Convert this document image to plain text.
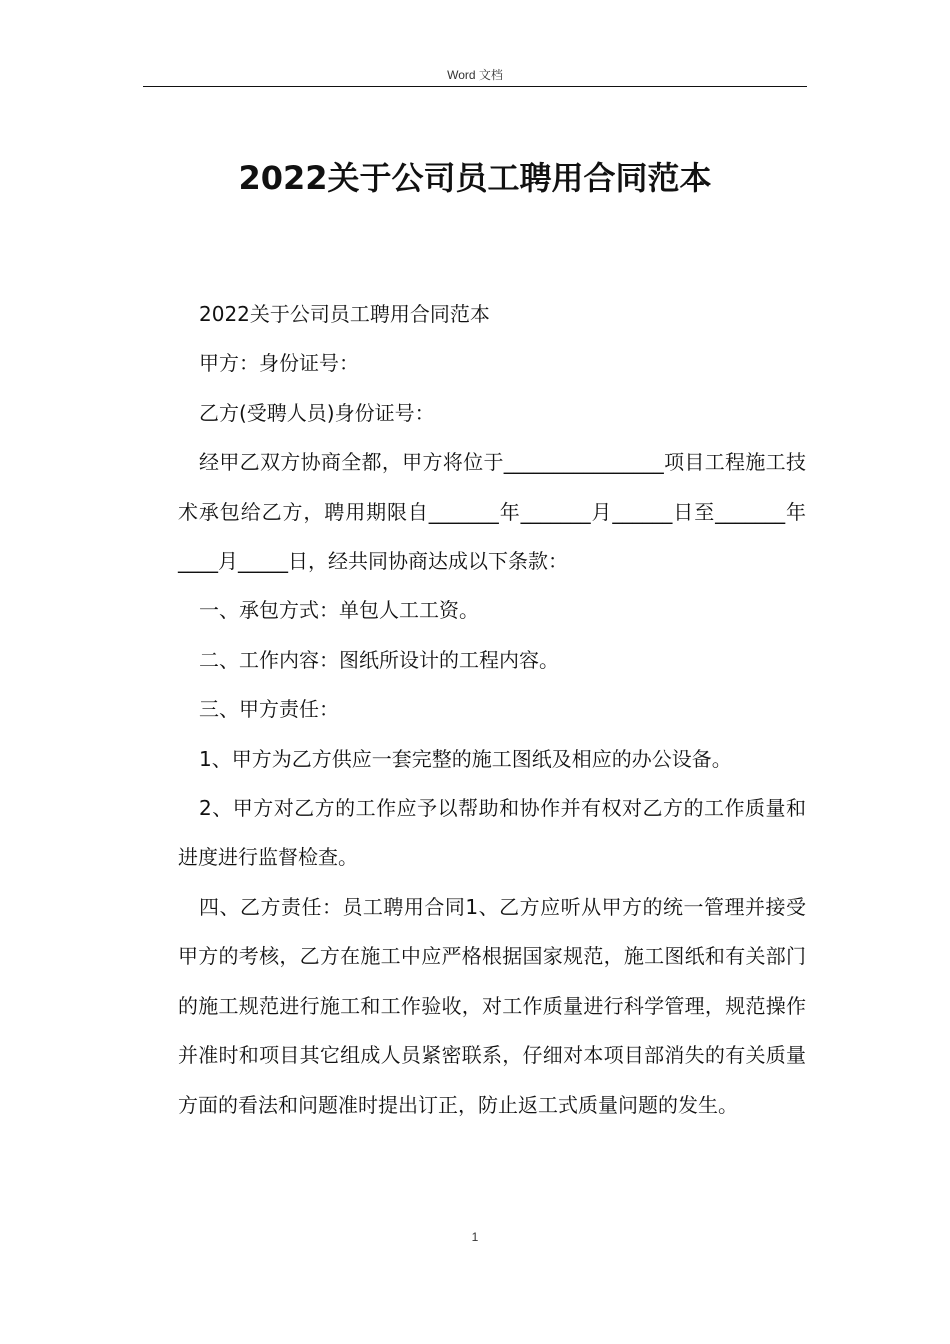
Word 文档
2022关于公司员工聘用合同范本

2022关于公司员工聘用合同范本

甲方：身份证号：

乙方(受聘人员)身份证号：

经甲乙双方协商全都，甲方将位于________________项目工程施工技术承包给乙方，聘用期限自_______年_______月______日至_______年____月_____日，经共同协商达成以下条款：

一、承包方式：单包人工工资。

二、工作内容：图纸所设计的工程内容。

三、甲方责任：

1、甲方为乙方供应一套完整的施工图纸及相应的办公设备。

2、甲方对乙方的工作应予以帮助和协作并有权对乙方的工作质量和进度进行监督检查。

四、乙方责任：员工聘用合同1、乙方应听从甲方的统一管理并接受甲方的考核，乙方在施工中应严格根据国家规范，施工图纸和有关部门的施工规范进行施工和工作验收，对工作质量进行科学管理，规范操作并准时和项目其它组成人员紧密联系，仔细对本项目部消失的有关质量方面的看法和问题准时提出订正，防止返工式质量问题的发生。

1
